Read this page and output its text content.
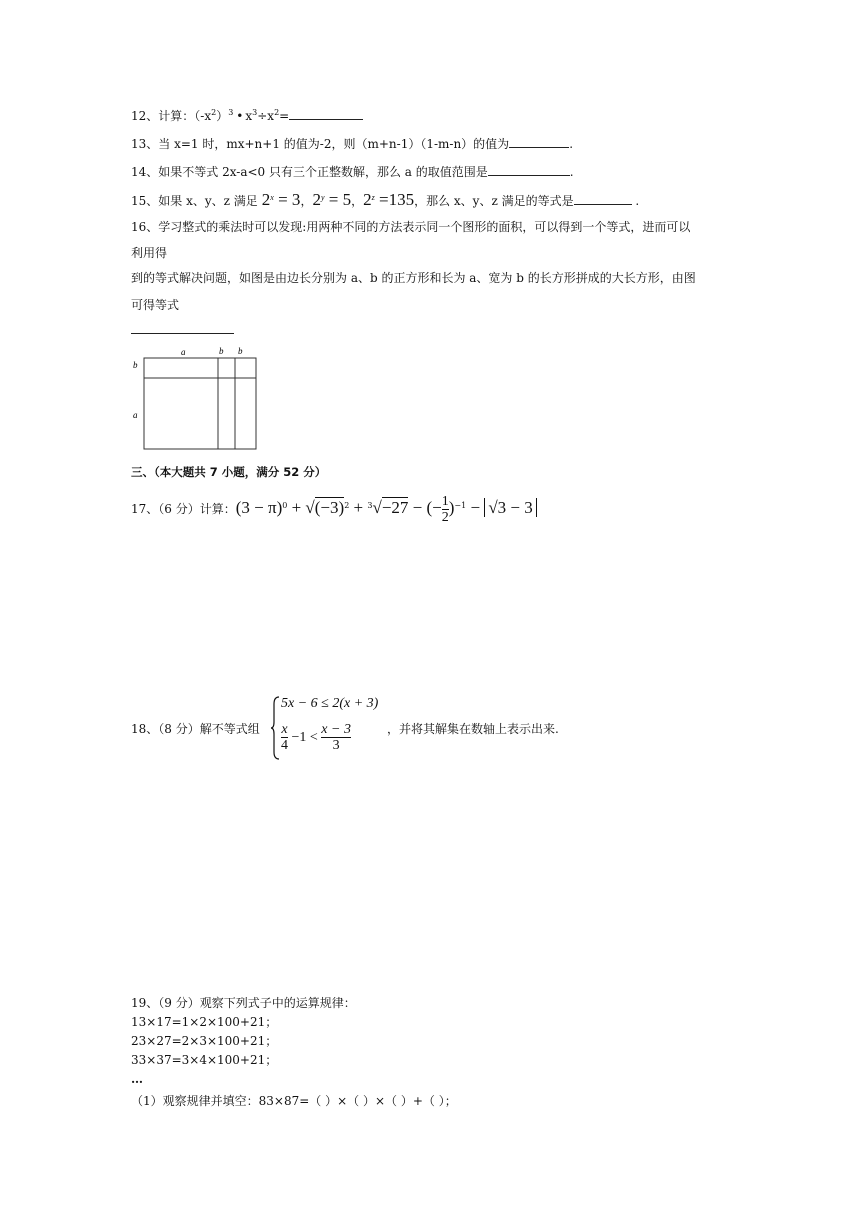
12、计算：$(-x^2)^3$ • $x^3\div x^2=$
13、当 x=1 时，mx+n+1 的值为-2，则（m+n-1）（1-m-n）的值为	.
14、如果不等式 2x-a<0 只有三个正整数解，那么 a 的取值范围是	.
15、如果 x、y、z 满足 $2^x = 3$，$2^y = 5$，$2^z =135$，那么 x、y、z 满足的等式是	.
16、学习整式的乘法时可以发现:用两种不同的方法表示同一个图形的面积，可以得到一个等式，进而可以
利用得
到的等式解决问题，如图是由边长分别为 a、b 的正方形和长为 a、宽为 b 的长方形拼成的大长方形，由图
可得等式
a	b b
b
a
三、（本大题共 7 小题，满分 52 分）
17、（6 分）计算：$(3 - \pi)^0 + √(-3)^2 + ^3√-27$ − (− $\frac{1}{2} )^{-1} - √3 - 3$
18、（8 分）解不等式组
5x − 6 ≤ 2(x + 3)
$\frac{x}{4} -1 < \frac{x - 3}{3}$	，并将其解集在数轴上表示出来.
19、（9 分）观察下列式子中的运算规律：
13×17=1×2×100+21；
23×27=2×3×100+21；
33×37=3×4×100+21；
…
（1）观察规律并填空：83×87=（ ）×（ ）×（ ）+（ ）；
